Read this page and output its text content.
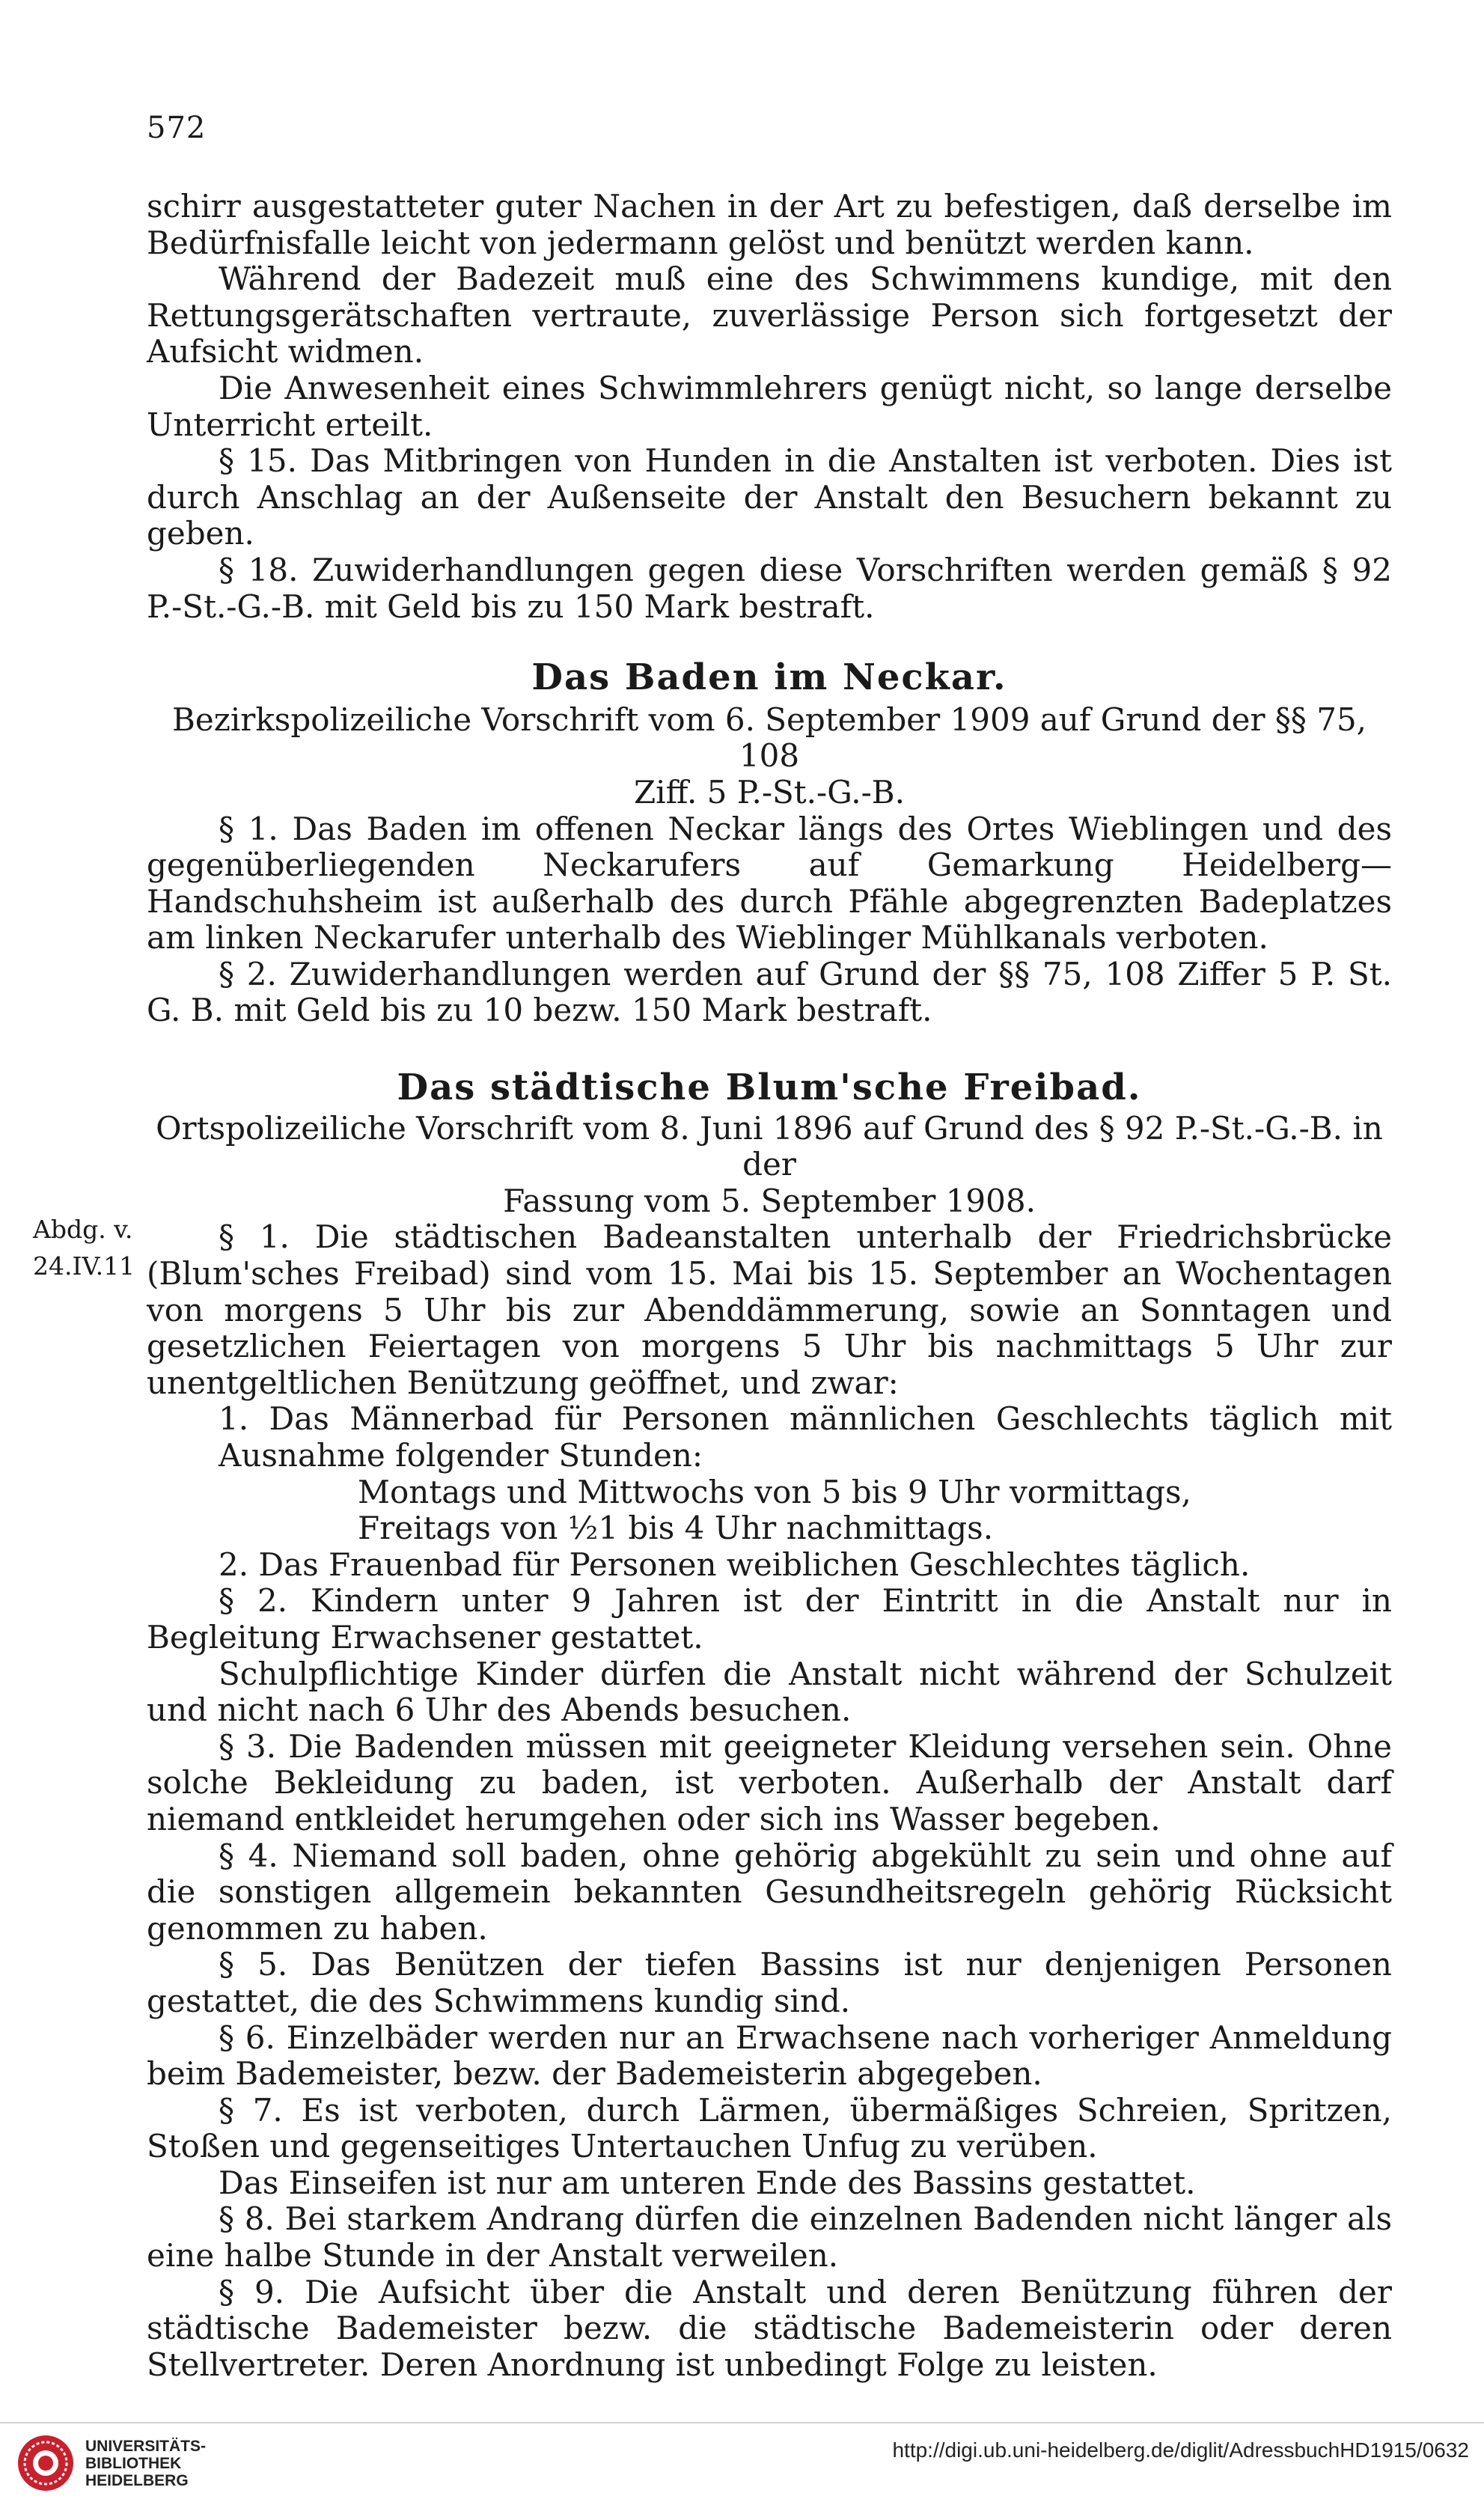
572
Abdg. v.
24.IV.11

schirr ausgestatteter guter Nachen in der Art zu befestigen, daß derselbe im Bedürfnisfalle leicht von jedermann gelöst und benützt werden kann.

Während der Badezeit muß eine des Schwimmens kundige, mit den Rettungsgerätschaften vertraute, zuverlässige Person sich fortgesetzt der Aufsicht widmen.

Die Anwesenheit eines Schwimmlehrers genügt nicht, so lange derselbe Unterricht erteilt.

§ 15. Das Mitbringen von Hunden in die Anstalten ist verboten. Dies ist durch Anschlag an der Außenseite der Anstalt den Besuchern bekannt zu geben.

§ 18. Zuwiderhandlungen gegen diese Vorschriften werden gemäß § 92 P.-St.-G.-B. mit Geld bis zu 150 Mark bestraft.

Das Baden im Neckar.

Bezirkspolizeiliche Vorschrift vom 6. September 1909 auf Grund der §§ 75, 108

Ziff. 5 P.-St.-G.-B.

§ 1. Das Baden im offenen Neckar längs des Ortes Wieblingen und des gegenüberliegenden Neckarufers auf Gemarkung Heidelberg—Handschuhsheim ist außerhalb des durch Pfähle abgegrenzten Badeplatzes am linken Neckarufer unterhalb des Wieblinger Mühlkanals verboten.

§ 2. Zuwiderhandlungen werden auf Grund der §§ 75, 108 Ziffer 5 P. St. G. B. mit Geld bis zu 10 bezw. 150 Mark bestraft.

Das städtische Blum'sche Freibad.

Ortspolizeiliche Vorschrift vom 8. Juni 1896 auf Grund des § 92 P.-St.-G.-B. in der

Fassung vom 5. September 1908.

§ 1. Die städtischen Badeanstalten unterhalb der Friedrichsbrücke (Blum'sches Freibad) sind vom 15. Mai bis 15. September an Wochentagen von morgens 5 Uhr bis zur Abenddämmerung, sowie an Sonntagen und gesetzlichen Feiertagen von morgens 5 Uhr bis nachmittags 5 Uhr zur unentgeltlichen Benützung geöffnet, und zwar:

1. Das Männerbad für Personen männlichen Geschlechts täglich mit Ausnahme folgender Stunden:

Montags und Mittwochs von 5 bis 9 Uhr vormittags,

Freitags von ½1 bis 4 Uhr nachmittags.

2. Das Frauenbad für Personen weiblichen Geschlechtes täglich.

§ 2. Kindern unter 9 Jahren ist der Eintritt in die Anstalt nur in Begleitung Erwachsener gestattet.

Schulpflichtige Kinder dürfen die Anstalt nicht während der Schulzeit und nicht nach 6 Uhr des Abends besuchen.

§ 3. Die Badenden müssen mit geeigneter Kleidung versehen sein. Ohne solche Bekleidung zu baden, ist verboten. Außerhalb der Anstalt darf niemand entkleidet herumgehen oder sich ins Wasser begeben.

§ 4. Niemand soll baden, ohne gehörig abgekühlt zu sein und ohne auf die sonstigen allgemein bekannten Gesundheitsregeln gehörig Rücksicht genommen zu haben.

§ 5. Das Benützen der tiefen Bassins ist nur denjenigen Personen gestattet, die des Schwimmens kundig sind.

§ 6. Einzelbäder werden nur an Erwachsene nach vorheriger Anmeldung beim Bademeister, bezw. der Bademeisterin abgegeben.

§ 7. Es ist verboten, durch Lärmen, übermäßiges Schreien, Spritzen, Stoßen und gegenseitiges Untertauchen Unfug zu verüben.

Das Einseifen ist nur am unteren Ende des Bassins gestattet.

§ 8. Bei starkem Andrang dürfen die einzelnen Badenden nicht länger als eine halbe Stunde in der Anstalt verweilen.

§ 9. Die Aufsicht über die Anstalt und deren Benützung führen der städtische Bademeister bezw. die städtische Bademeisterin oder deren Stellvertreter. Deren Anordnung ist unbedingt Folge zu leisten.

UNIVERSITÄTS-
BIBLIOTHEK
HEIDELBERG
http://digi.ub.uni-heidelberg.de/diglit/AdressbuchHD1915/0632
